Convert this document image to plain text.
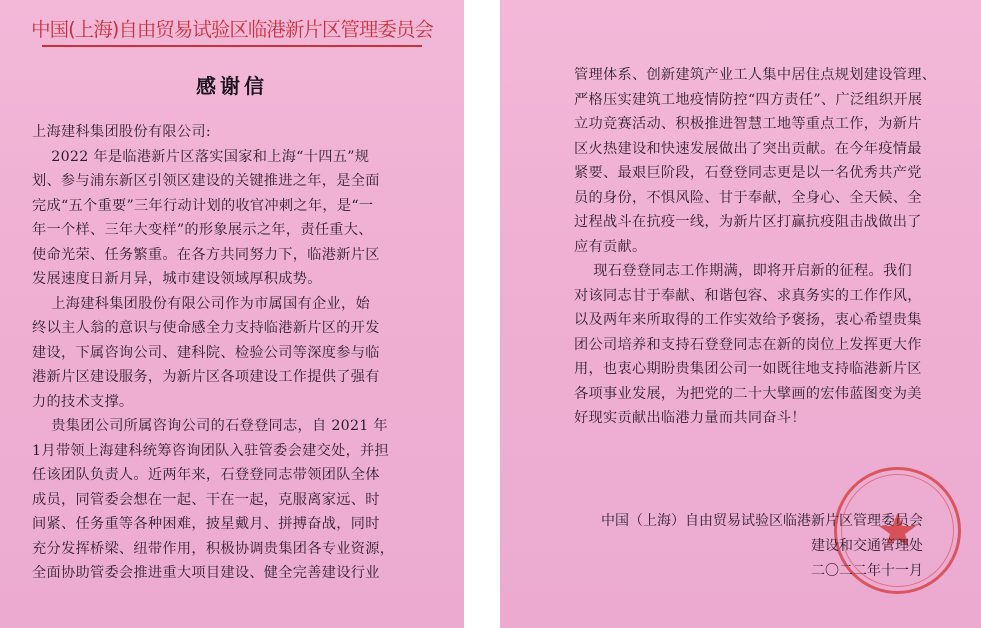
中国(上海)自由贸易试验区临港新片区管理委员会
感谢信
上海建科集团股份有限公司:
2022 年是临港新片区落实国家和上海“十四五”规
划、参与浦东新区引领区建设的关键推进之年，是全面
完成“五个重要”三年行动计划的收官冲刺之年，是“一
年一个样、三年大变样”的形象展示之年，责任重大、
使命光荣、任务繁重。在各方共同努力下，临港新片区
发展速度日新月异，城市建设领域厚积成势。
上海建科集团股份有限公司作为市属国有企业，始
终以主人翁的意识与使命感全力支持临港新片区的开发
建设，下属咨询公司、建科院、检验公司等深度参与临
港新片区建设服务，为新片区各项建设工作提供了强有
力的技术支撑。
贵集团公司所属咨询公司的石登登同志，自 2021 年
1月带领上海建科统筹咨询团队入驻管委会建交处，并担
任该团队负责人。近两年来，石登登同志带领团队全体
成员，同管委会想在一起、干在一起，克服离家远、时
间紧、任务重等各种困难，披星戴月、拼搏奋战，同时
充分发挥桥梁、纽带作用，积极协调贵集团各专业资源，
全面协助管委会推进重大项目建设、健全完善建设行业
管理体系、创新建筑产业工人集中居住点规划建设管理、
严格压实建筑工地疫情防控“四方责任”、广泛组织开展
立功竞赛活动、积极推进智慧工地等重点工作，为新片
区火热建设和快速发展做出了突出贡献。在今年疫情最
紧要、最艰巨阶段，石登登同志更是以一名优秀共产党
员的身份，不惧风险、甘于奉献，全身心、全天候、全
过程战斗在抗疫一线，为新片区打赢抗疫阻击战做出了
应有贡献。
现石登登同志工作期满，即将开启新的征程。我们
对该同志甘于奉献、和谐包容、求真务实的工作作风，
以及两年来所取得的工作实效给予褒扬，衷心希望贵集
团公司培养和支持石登登同志在新的岗位上发挥更大作
用，也衷心期盼贵集团公司一如既往地支持临港新片区
各项事业发展，为把党的二十大擘画的宏伟蓝图变为美
好现实贡献出临港力量而共同奋斗！
中国（上海）自由贸易试验区临港新片区管理委员会
建设和交通管理处
二〇二二年十一月
